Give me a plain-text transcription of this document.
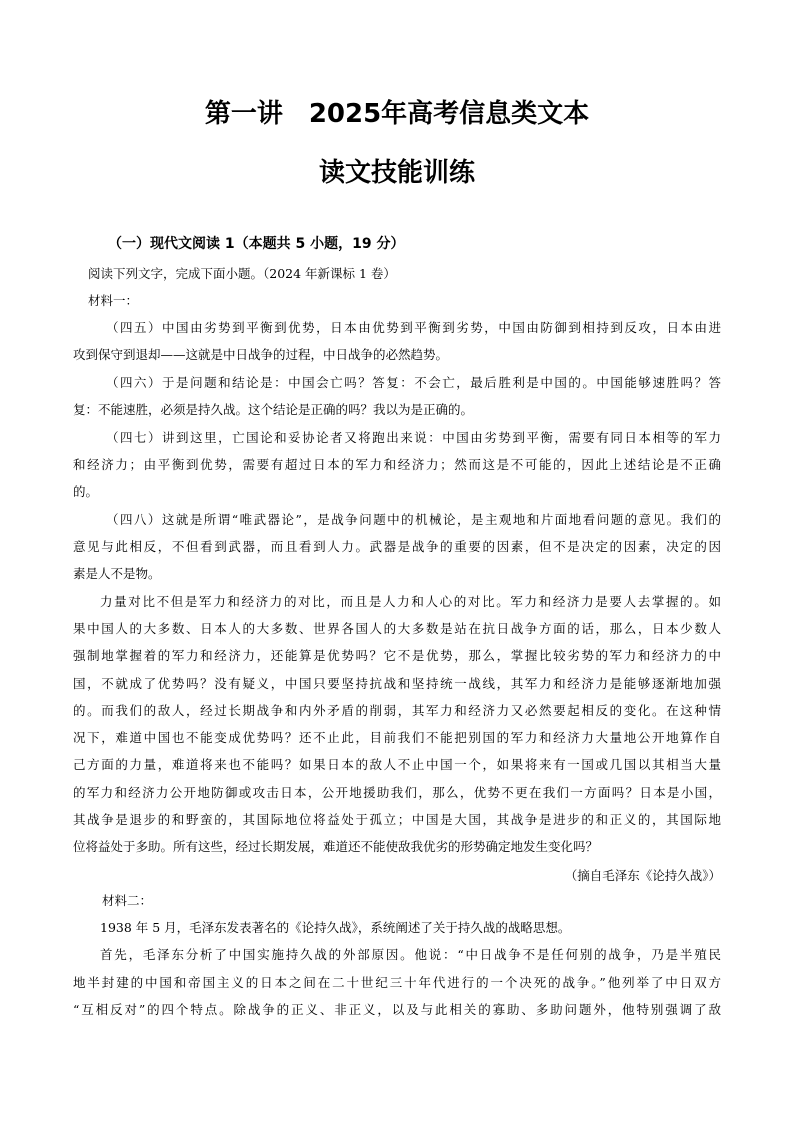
第一讲　2025年高考信息类文本
读文技能训练
（一）现代文阅读 1（本题共 5 小题，19 分）
阅读下列文字，完成下面小题。（2024 年新课标 1 卷）
材料一：
（四五）中国由劣势到平衡到优势，日本由优势到平衡到劣势，中国由防御到相持到反攻，日本由进
攻到保守到退却——这就是中日战争的过程，中日战争的必然趋势。
（四六）于是问题和结论是：中国会亡吗？答复：不会亡，最后胜利是中国的。中国能够速胜吗？答
复：不能速胜，必须是持久战。这个结论是正确的吗？我以为是正确的。
（四七）讲到这里，亡国论和妥协论者又将跑出来说：中国由劣势到平衡，需要有同日本相等的军力
和经济力；由平衡到优势，需要有超过日本的军力和经济力；然而这是不可能的，因此上述结论是不正确
的。
（四八）这就是所谓“唯武器论”，是战争问题中的机械论，是主观地和片面地看问题的意见。我们的
意见与此相反，不但看到武器，而且看到人力。武器是战争的重要的因素，但不是决定的因素，决定的因
素是人不是物。
力量对比不但是军力和经济力的对比，而且是人力和人心的对比。军力和经济力是要人去掌握的。如
果中国人的大多数、日本人的大多数、世界各国人的大多数是站在抗日战争方面的话，那么，日本少数人
强制地掌握着的军力和经济力，还能算是优势吗？它不是优势，那么，掌握比较劣势的军力和经济力的中
国，不就成了优势吗？没有疑义，中国只要坚持抗战和坚持统一战线，其军力和经济力是能够逐渐地加强
的。而我们的敌人，经过长期战争和内外矛盾的削弱，其军力和经济力又必然要起相反的变化。在这种情
况下，难道中国也不能变成优势吗？还不止此，目前我们不能把别国的军力和经济力大量地公开地算作自
己方面的力量，难道将来也不能吗？如果日本的敌人不止中国一个，如果将来有一国或几国以其相当大量
的军力和经济力公开地防御或攻击日本，公开地援助我们，那么，优势不更在我们一方面吗？日本是小国，
其战争是退步的和野蛮的，其国际地位将益处于孤立；中国是大国，其战争是进步的和正义的，其国际地
位将益处于多助。所有这些，经过长期发展，难道还不能使敌我优劣的形势确定地发生变化吗？
（摘自毛泽东《论持久战》）
材料二：
1938 年 5 月，毛泽东发表著名的《论持久战》，系统阐述了关于持久战的战略思想。
首先，毛泽东分析了中国实施持久战的外部原因。他说：“中日战争不是任何别的战争，乃是半殖民
地半封建的中国和帝国主义的日本之间在二十世纪三十年代进行的一个决死的战争。”他列举了中日双方
“互相反对”的四个特点。除战争的正义、非正义，以及与此相关的寡助、多助问题外，他特别强调了敌
